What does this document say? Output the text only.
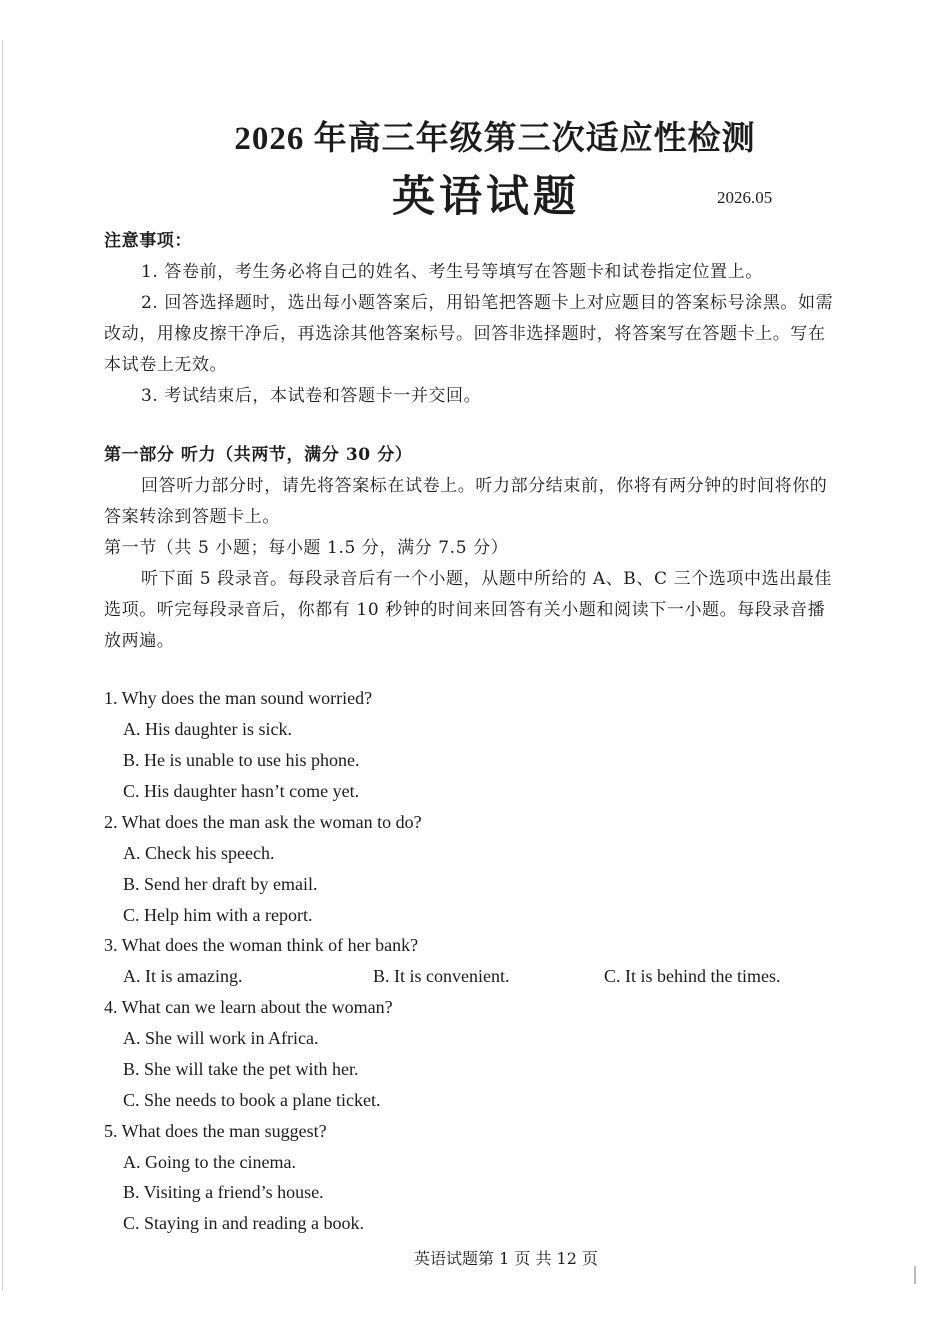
2026 年高三年级第三次适应性检测
英语试题	2026.05
注意事项：
1. 答卷前，考生务必将自己的姓名、考生号等填写在答题卡和试卷指定位置上。
2. 回答选择题时，选出每小题答案后，用铅笔把答题卡上对应题目的答案标号涂黑。如需
改动，用橡皮擦干净后，再选涂其他答案标号。回答非选择题时，将答案写在答题卡上。写在
本试卷上无效。
3. 考试结束后，本试卷和答题卡一并交回。
第一部分 听力（共两节，满分 30 分）
回答听力部分时，请先将答案标在试卷上。听力部分结束前，你将有两分钟的时间将你的
答案转涂到答题卡上。
第一节（共 5 小题；每小题 1.5 分，满分 7.5 分）
听下面 5 段录音。每段录音后有一个小题，从题中所给的 A、B、C 三个选项中选出最佳
选项。听完每段录音后，你都有 10 秒钟的时间来回答有关小题和阅读下一小题。每段录音播
放两遍。
1. Why does the man sound worried?
A. His daughter is sick.
B. He is unable to use his phone.
C. His daughter hasn’t come yet.
2. What does the man ask the woman to do?
A. Check his speech.
B. Send her draft by email.
C. Help him with a report.
3. What does the woman think of her bank?
A. It is amazing.	B. It is convenient.	C. It is behind the times.
4. What can we learn about the woman?
A. She will work in Africa.
B. She will take the pet with her.
C. She needs to book a plane ticket.
5. What does the man suggest?
A. Going to the cinema.
B. Visiting a friend’s house.
C. Staying in and reading a book.
英语试题第 1 页 共 12 页
